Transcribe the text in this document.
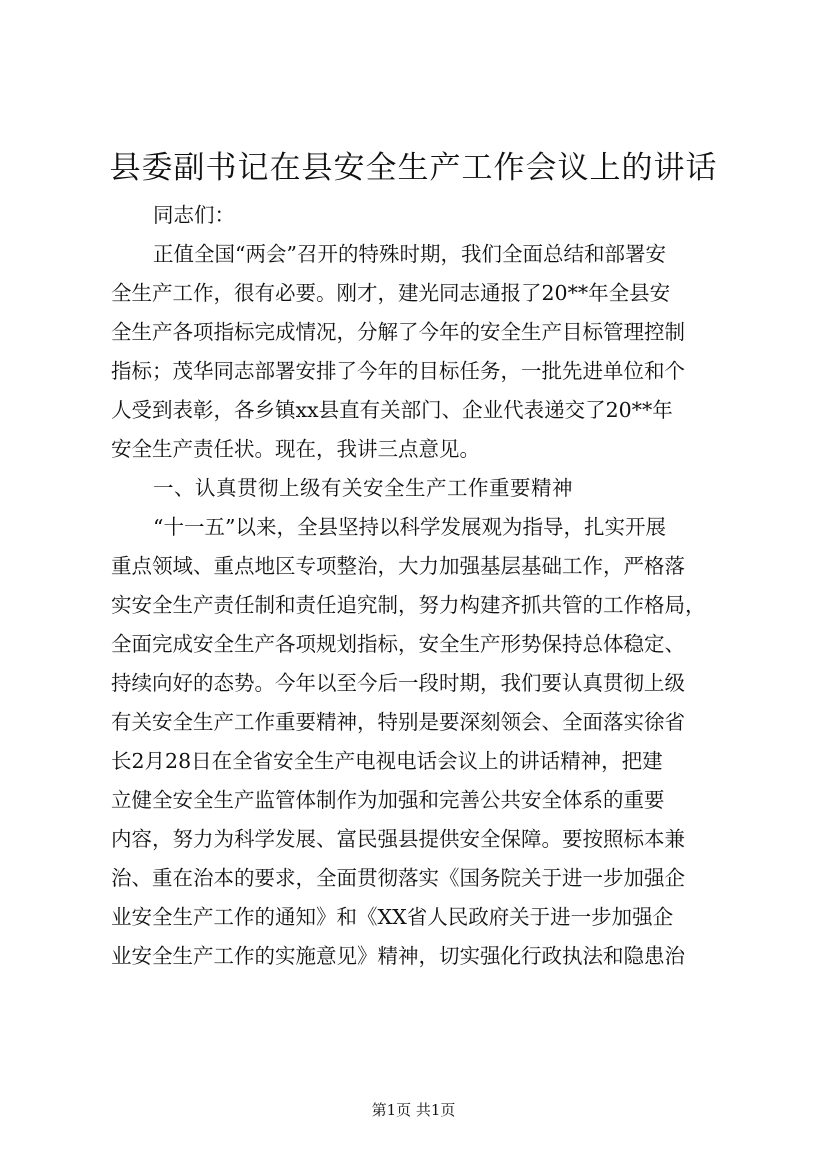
县委副书记在县安全生产工作会议上的讲话
同志们：
正值全国“两会”召开的特殊时期，我们全面总结和部署安
全生产工作，很有必要。刚才，建光同志通报了20**年全县安
全生产各项指标完成情况，分解了今年的安全生产目标管理控制
指标；茂华同志部署安排了今年的目标任务，一批先进单位和个
人受到表彰，各乡镇xx县直有关部门、企业代表递交了20**年
安全生产责任状。现在，我讲三点意见。
一、认真贯彻上级有关安全生产工作重要精神
“十一五”以来，全县坚持以科学发展观为指导，扎实开展
重点领域、重点地区专项整治，大力加强基层基础工作，严格落
实安全生产责任制和责任追究制，努力构建齐抓共管的工作格局，
全面完成安全生产各项规划指标，安全生产形势保持总体稳定、
持续向好的态势。今年以至今后一段时期，我们要认真贯彻上级
有关安全生产工作重要精神，特别是要深刻领会、全面落实徐省
长2月28日在全省安全生产电视电话会议上的讲话精神，把建
立健全安全生产监管体制作为加强和完善公共安全体系的重要
内容，努力为科学发展、富民强县提供安全保障。要按照标本兼
治、重在治本的要求，全面贯彻落实《国务院关于进一步加强企
业安全生产工作的通知》和《XX省人民政府关于进一步加强企
业安全生产工作的实施意见》精神，切实强化行政执法和隐患治
第1页 共1页
